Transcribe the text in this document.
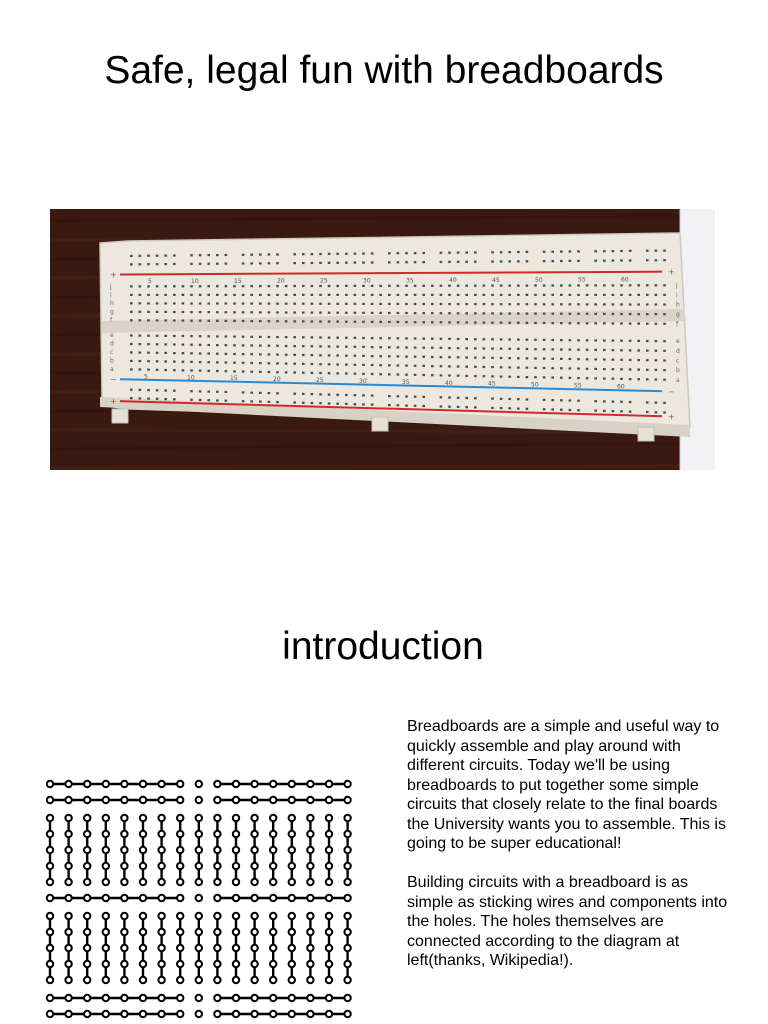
Safe, legal fun with breadboards
5
5
10
10
15
15
20
20
25
25
30
30
35
35
40
40
45
45
50
50
55
55
60
60
j	j
i	i
h	h
g	g
f
f
e
e
d
d
c
c
b
b
a
a
+	+
+
+
−
−
introduction

Breadboards are a simple and useful way to quickly assemble and play around with different circuits. Today we'll be using breadboards to put together some simple circuits that closely relate to the final boards the University wants you to assemble. This is going to be super educational!

Building circuits with a breadboard is as simple as sticking wires and components into the holes. The holes themselves are connected according to the diagram at left(thanks, Wikipedia!).
